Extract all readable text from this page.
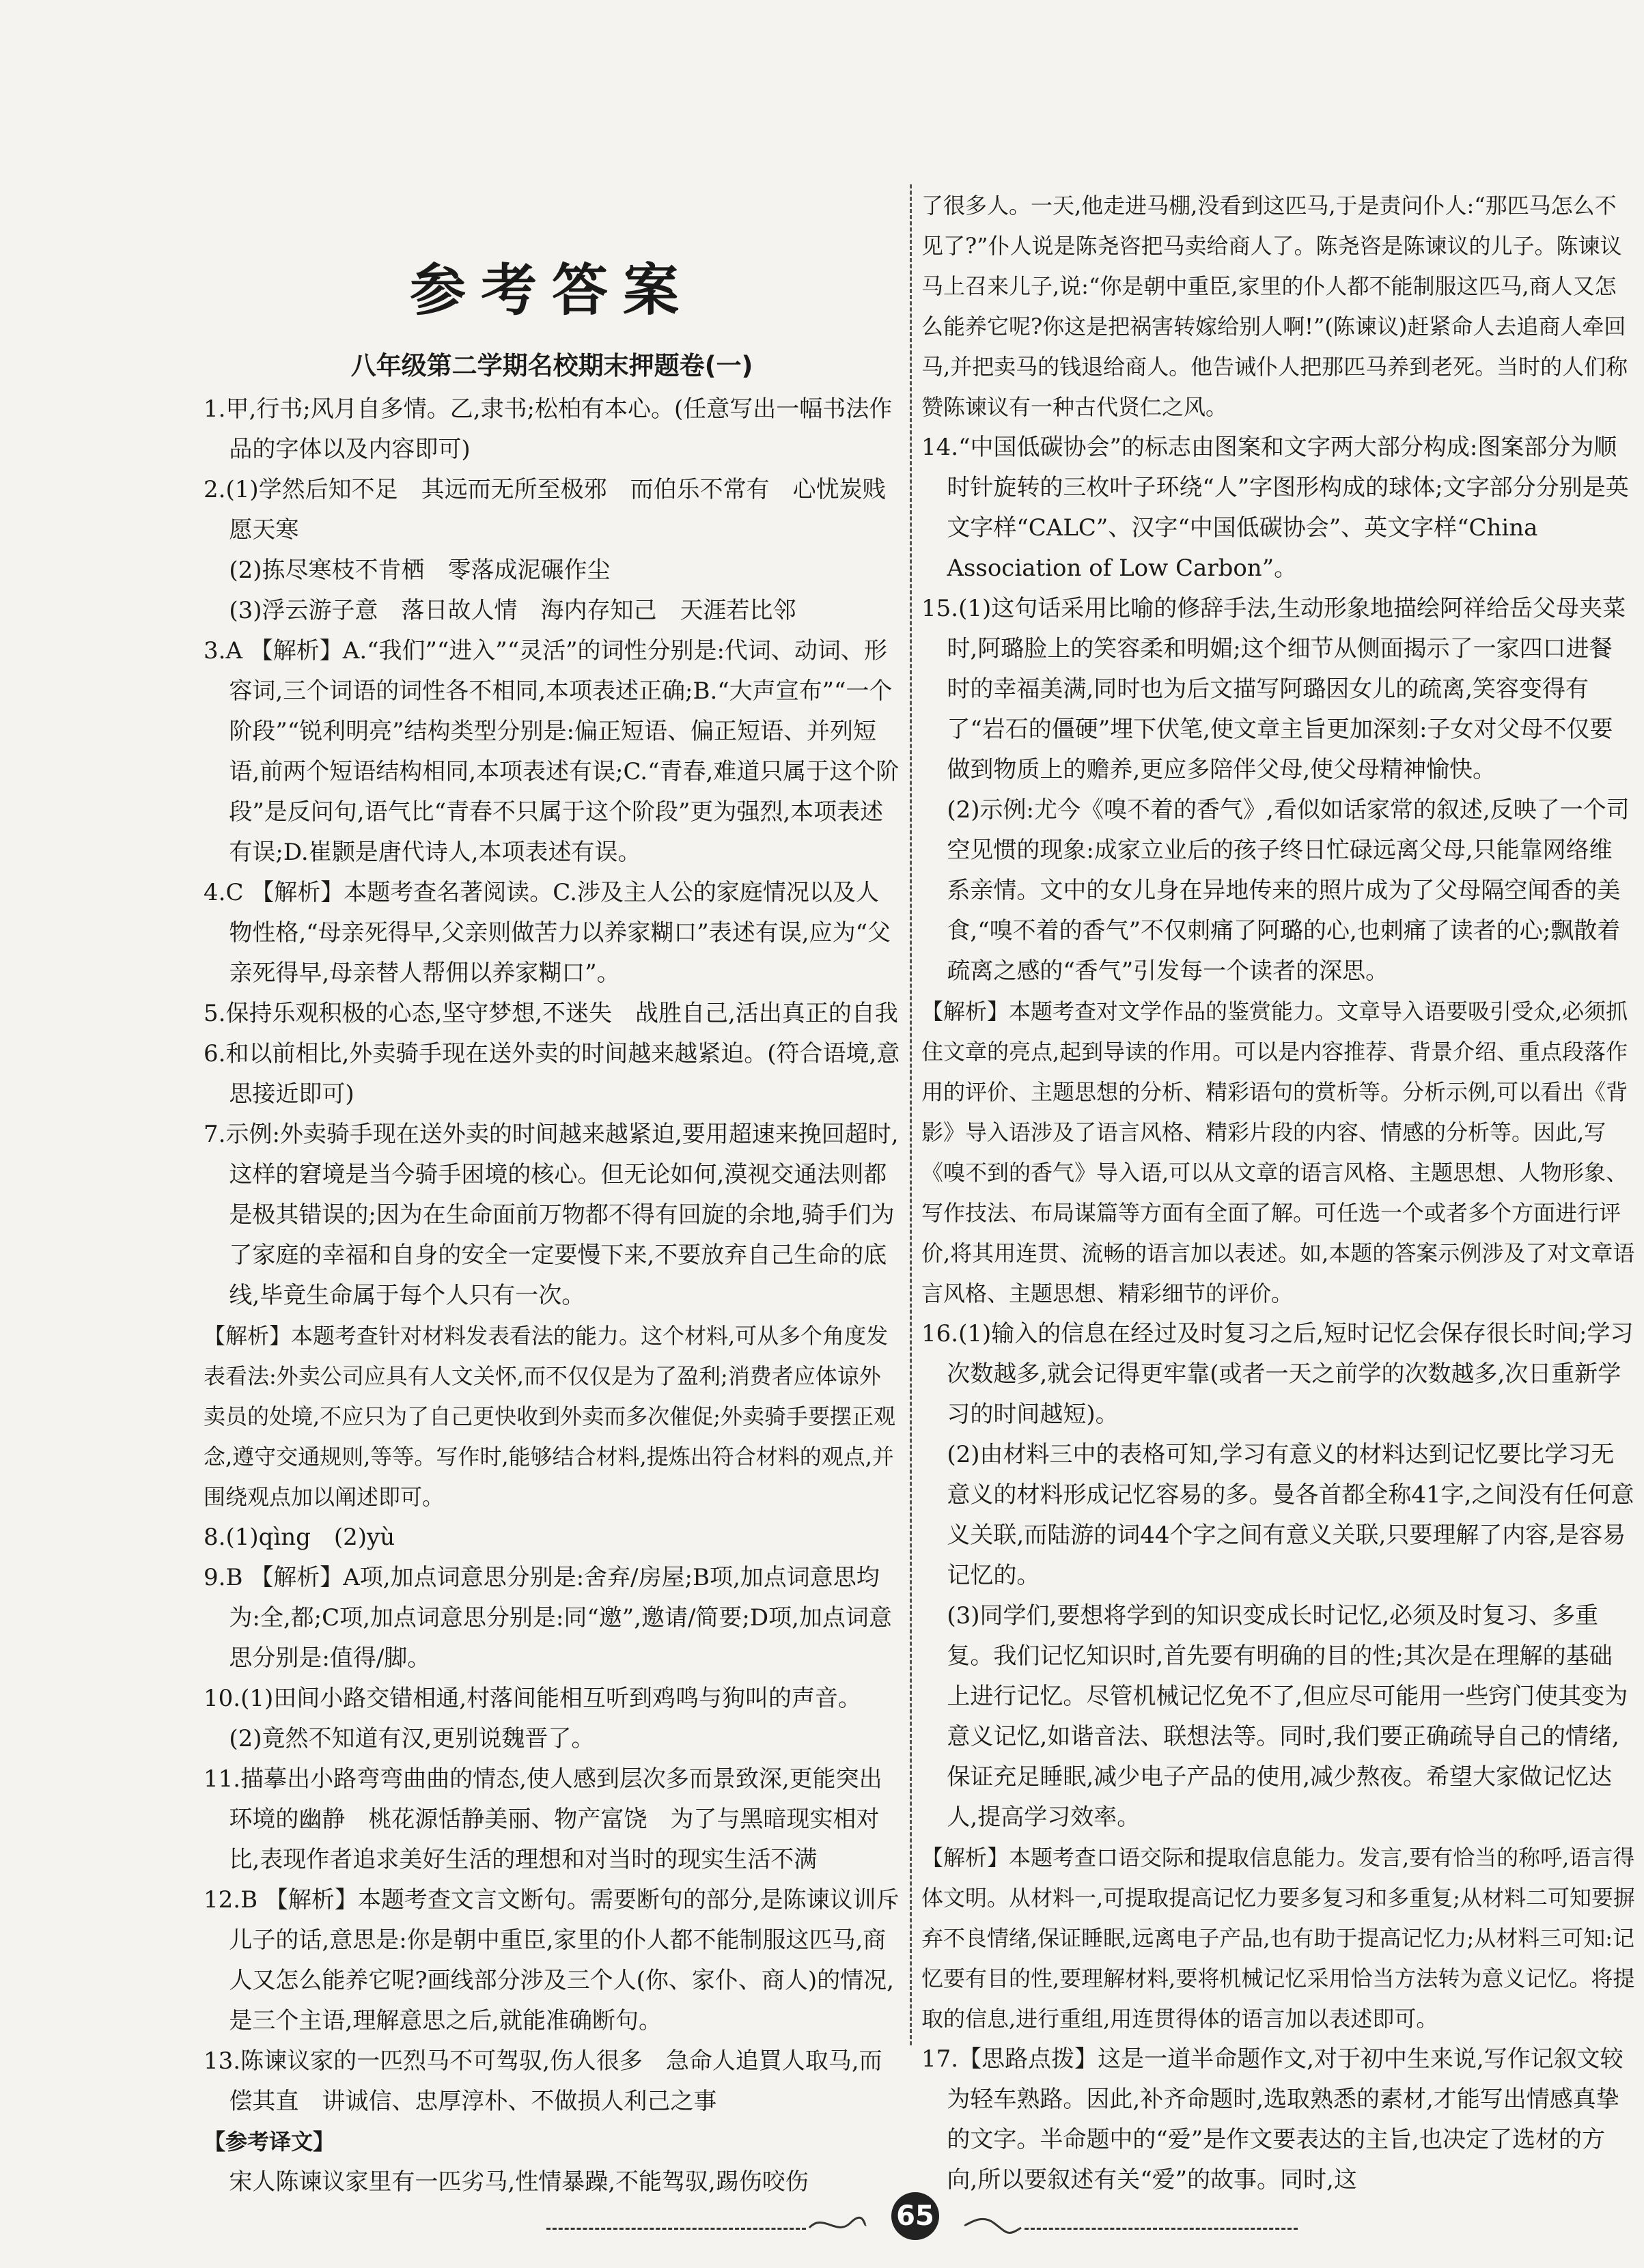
参考答案
八年级第二学期名校期末押题卷(一)

1.甲,行书;风月自多情。乙,隶书;松柏有本心。(任意写出一幅书法作品的字体以及内容即可)

2.(1)学然后知不足　其远而无所至极邪　而伯乐不常有　心忧炭贱愿天寒

(2)拣尽寒枝不肯栖　零落成泥碾作尘

(3)浮云游子意　落日故人情　海内存知己　天涯若比邻

3.A 【解析】A.“我们”“进入”“灵活”的词性分别是:代词、动词、形容词,三个词语的词性各不相同,本项表述正确;B.“大声宣布”“一个阶段”“锐利明亮”结构类型分别是:偏正短语、偏正短语、并列短语,前两个短语结构相同,本项表述有误;C.“青春,难道只属于这个阶段”是反问句,语气比“青春不只属于这个阶段”更为强烈,本项表述有误;D.崔颢是唐代诗人,本项表述有误。

4.C 【解析】本题考查名著阅读。C.涉及主人公的家庭情况以及人物性格,“母亲死得早,父亲则做苦力以养家糊口”表述有误,应为“父亲死得早,母亲替人帮佣以养家糊口”。

5.保持乐观积极的心态,坚守梦想,不迷失　战胜自己,活出真正的自我

6.和以前相比,外卖骑手现在送外卖的时间越来越紧迫。(符合语境,意思接近即可)

7.示例:外卖骑手现在送外卖的时间越来越紧迫,要用超速来挽回超时,这样的窘境是当今骑手困境的核心。但无论如何,漠视交通法则都是极其错误的;因为在生命面前万物都不得有回旋的余地,骑手们为了家庭的幸福和自身的安全一定要慢下来,不要放弃自己生命的底线,毕竟生命属于每个人只有一次。

【解析】本题考查针对材料发表看法的能力。这个材料,可从多个角度发表看法:外卖公司应具有人文关怀,而不仅仅是为了盈利;消费者应体谅外卖员的处境,不应只为了自己更快收到外卖而多次催促;外卖骑手要摆正观念,遵守交通规则,等等。写作时,能够结合材料,提炼出符合材料的观点,并围绕观点加以阐述即可。

8.(1)qìng　(2)yù

9.B 【解析】A项,加点词意思分别是:舍弃/房屋;B项,加点词意思均为:全,都;C项,加点词意思分别是:同“邀”,邀请/简要;D项,加点词意思分别是:值得/脚。

10.(1)田间小路交错相通,村落间能相互听到鸡鸣与狗叫的声音。

(2)竟然不知道有汉,更别说魏晋了。

11.描摹出小路弯弯曲曲的情态,使人感到层次多而景致深,更能突出环境的幽静　桃花源恬静美丽、物产富饶　为了与黑暗现实相对比,表现作者追求美好生活的理想和对当时的现实生活不满

12.B 【解析】本题考查文言文断句。需要断句的部分,是陈谏议训斥儿子的话,意思是:你是朝中重臣,家里的仆人都不能制服这匹马,商人又怎么能养它呢?画线部分涉及三个人(你、家仆、商人)的情况,是三个主语,理解意思之后,就能准确断句。

13.陈谏议家的一匹烈马不可驾驭,伤人很多　急命人追買人取马,而偿其直　讲诚信、忠厚淳朴、不做损人利己之事

【参考译文】

宋人陈谏议家里有一匹劣马,性情暴躁,不能驾驭,踢伤咬伤

了很多人。一天,他走进马棚,没看到这匹马,于是责问仆人:“那匹马怎么不见了?”仆人说是陈尧咨把马卖给商人了。陈尧咨是陈谏议的儿子。陈谏议马上召来儿子,说:“你是朝中重臣,家里的仆人都不能制服这匹马,商人又怎么能养它呢?你这是把祸害转嫁给别人啊!”(陈谏议)赶紧命人去追商人牵回马,并把卖马的钱退给商人。他告诫仆人把那匹马养到老死。当时的人们称赞陈谏议有一种古代贤仁之风。

14.“中国低碳协会”的标志由图案和文字两大部分构成:图案部分为顺时针旋转的三枚叶子环绕“人”字图形构成的球体;文字部分分别是英文字样“CALC”、汉字“中国低碳协会”、英文字样“China Association of Low Carbon”。

15.(1)这句话采用比喻的修辞手法,生动形象地描绘阿祥给岳父母夹菜时,阿璐脸上的笑容柔和明媚;这个细节从侧面揭示了一家四口进餐时的幸福美满,同时也为后文描写阿璐因女儿的疏离,笑容变得有了“岩石的僵硬”埋下伏笔,使文章主旨更加深刻:子女对父母不仅要做到物质上的赡养,更应多陪伴父母,使父母精神愉快。

(2)示例:尤今《嗅不着的香气》,看似如话家常的叙述,反映了一个司空见惯的现象:成家立业后的孩子终日忙碌远离父母,只能靠网络维系亲情。文中的女儿身在异地传来的照片成为了父母隔空闻香的美食,“嗅不着的香气”不仅刺痛了阿璐的心,也刺痛了读者的心;飘散着疏离之感的“香气”引发每一个读者的深思。

【解析】本题考查对文学作品的鉴赏能力。文章导入语要吸引受众,必须抓住文章的亮点,起到导读的作用。可以是内容推荐、背景介绍、重点段落作用的评价、主题思想的分析、精彩语句的赏析等。分析示例,可以看出《背影》导入语涉及了语言风格、精彩片段的内容、情感的分析等。因此,写《嗅不到的香气》导入语,可以从文章的语言风格、主题思想、人物形象、写作技法、布局谋篇等方面有全面了解。可任选一个或者多个方面进行评价,将其用连贯、流畅的语言加以表述。如,本题的答案示例涉及了对文章语言风格、主题思想、精彩细节的评价。

16.(1)输入的信息在经过及时复习之后,短时记忆会保存很长时间;学习次数越多,就会记得更牢靠(或者一天之前学的次数越多,次日重新学习的时间越短)。

(2)由材料三中的表格可知,学习有意义的材料达到记忆要比学习无意义的材料形成记忆容易的多。曼各首都全称41字,之间没有任何意义关联,而陆游的词44个字之间有意义关联,只要理解了内容,是容易记忆的。

(3)同学们,要想将学到的知识变成长时记忆,必须及时复习、多重复。我们记忆知识时,首先要有明确的目的性;其次是在理解的基础上进行记忆。尽管机械记忆免不了,但应尽可能用一些窍门使其变为意义记忆,如谐音法、联想法等。同时,我们要正确疏导自己的情绪,保证充足睡眠,减少电子产品的使用,减少熬夜。希望大家做记忆达人,提高学习效率。

【解析】本题考查口语交际和提取信息能力。发言,要有恰当的称呼,语言得体文明。从材料一,可提取提高记忆力要多复习和多重复;从材料二可知要摒弃不良情绪,保证睡眠,远离电子产品,也有助于提高记忆力;从材料三可知:记忆要有目的性,要理解材料,要将机械记忆采用恰当方法转为意义记忆。将提取的信息,进行重组,用连贯得体的语言加以表述即可。

17.【思路点拨】这是一道半命题作文,对于初中生来说,写作记叙文较为轻车熟路。因此,补齐命题时,选取熟悉的素材,才能写出情感真挚的文字。半命题中的“爱”是作文要表达的主旨,也决定了选材的方向,所以要叙述有关“爱”的故事。同时,这

65
